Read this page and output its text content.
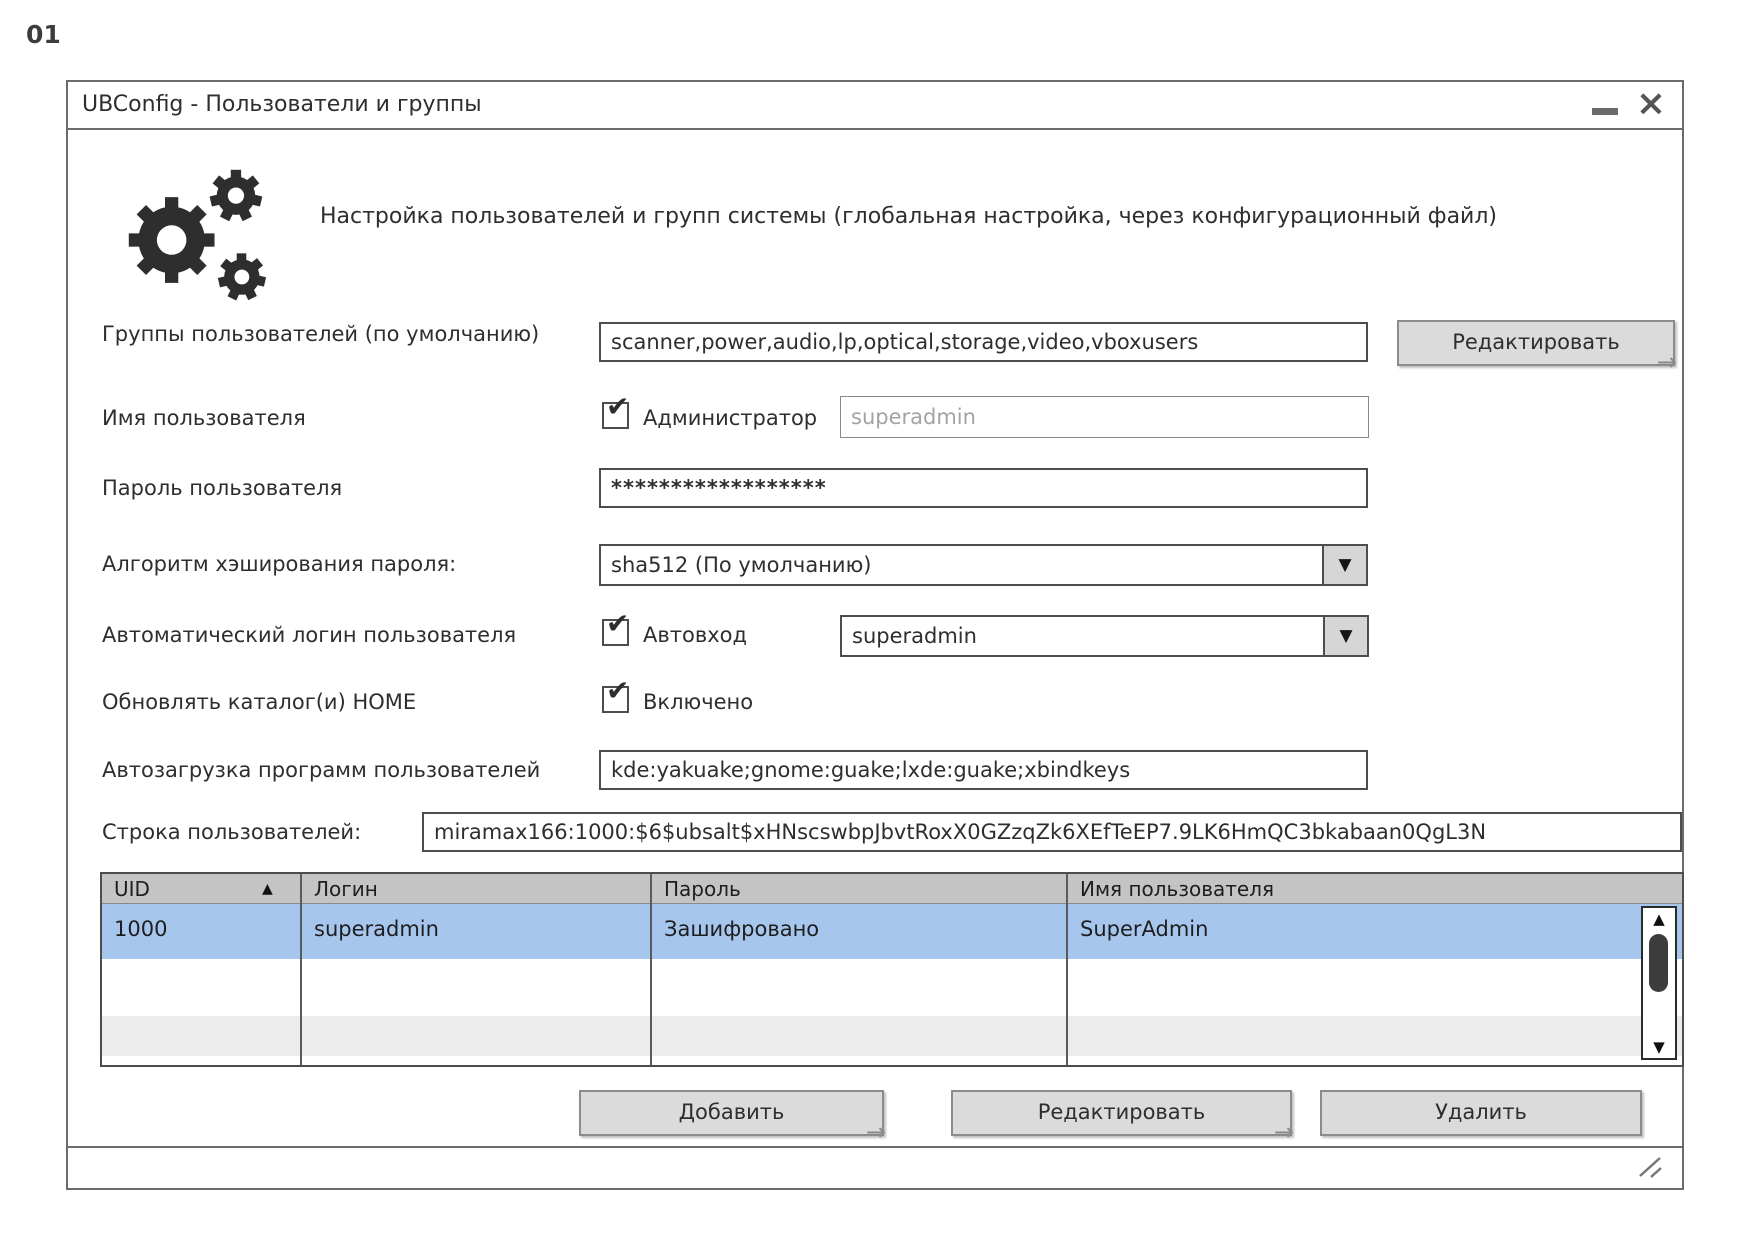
01
UBConfig - Пользователи и группы	×
Настройка пользователей и групп системы (глобальная настройка, через конфигурационный файл)
Группы пользователей (по умолчанию)
scanner,power,audio,lp,optical,storage,video,vboxusers	Редактировать
→
Имя пользователя	✔ Администратор
superadmin
Пароль пользователя
******************
Алгоритм хэширования пароля:	sha512 (По умолчанию)	▼
Автоматический логин пользователя	✔ Автовход	superadmin	▼
Обновлять каталог(и) HOME	✔ Включено
Автозагрузка программ пользователей
kde:yakuake;gnome:guake;lxde:guake;xbindkeys
Строка пользователей:
miramax166:1000:$6$ubsalt$xHNscswbpJbvtRoxX0GZzqZk6XEfTeEP7.9LK6HmQC3bkabaan0QgL3N
UID	▲	Логин	Пароль	Имя пользователя
1000	superadmin	Зашифровано	SuperAdmin	▲
▼
Добавить
→
Редактировать
→
Удалить
